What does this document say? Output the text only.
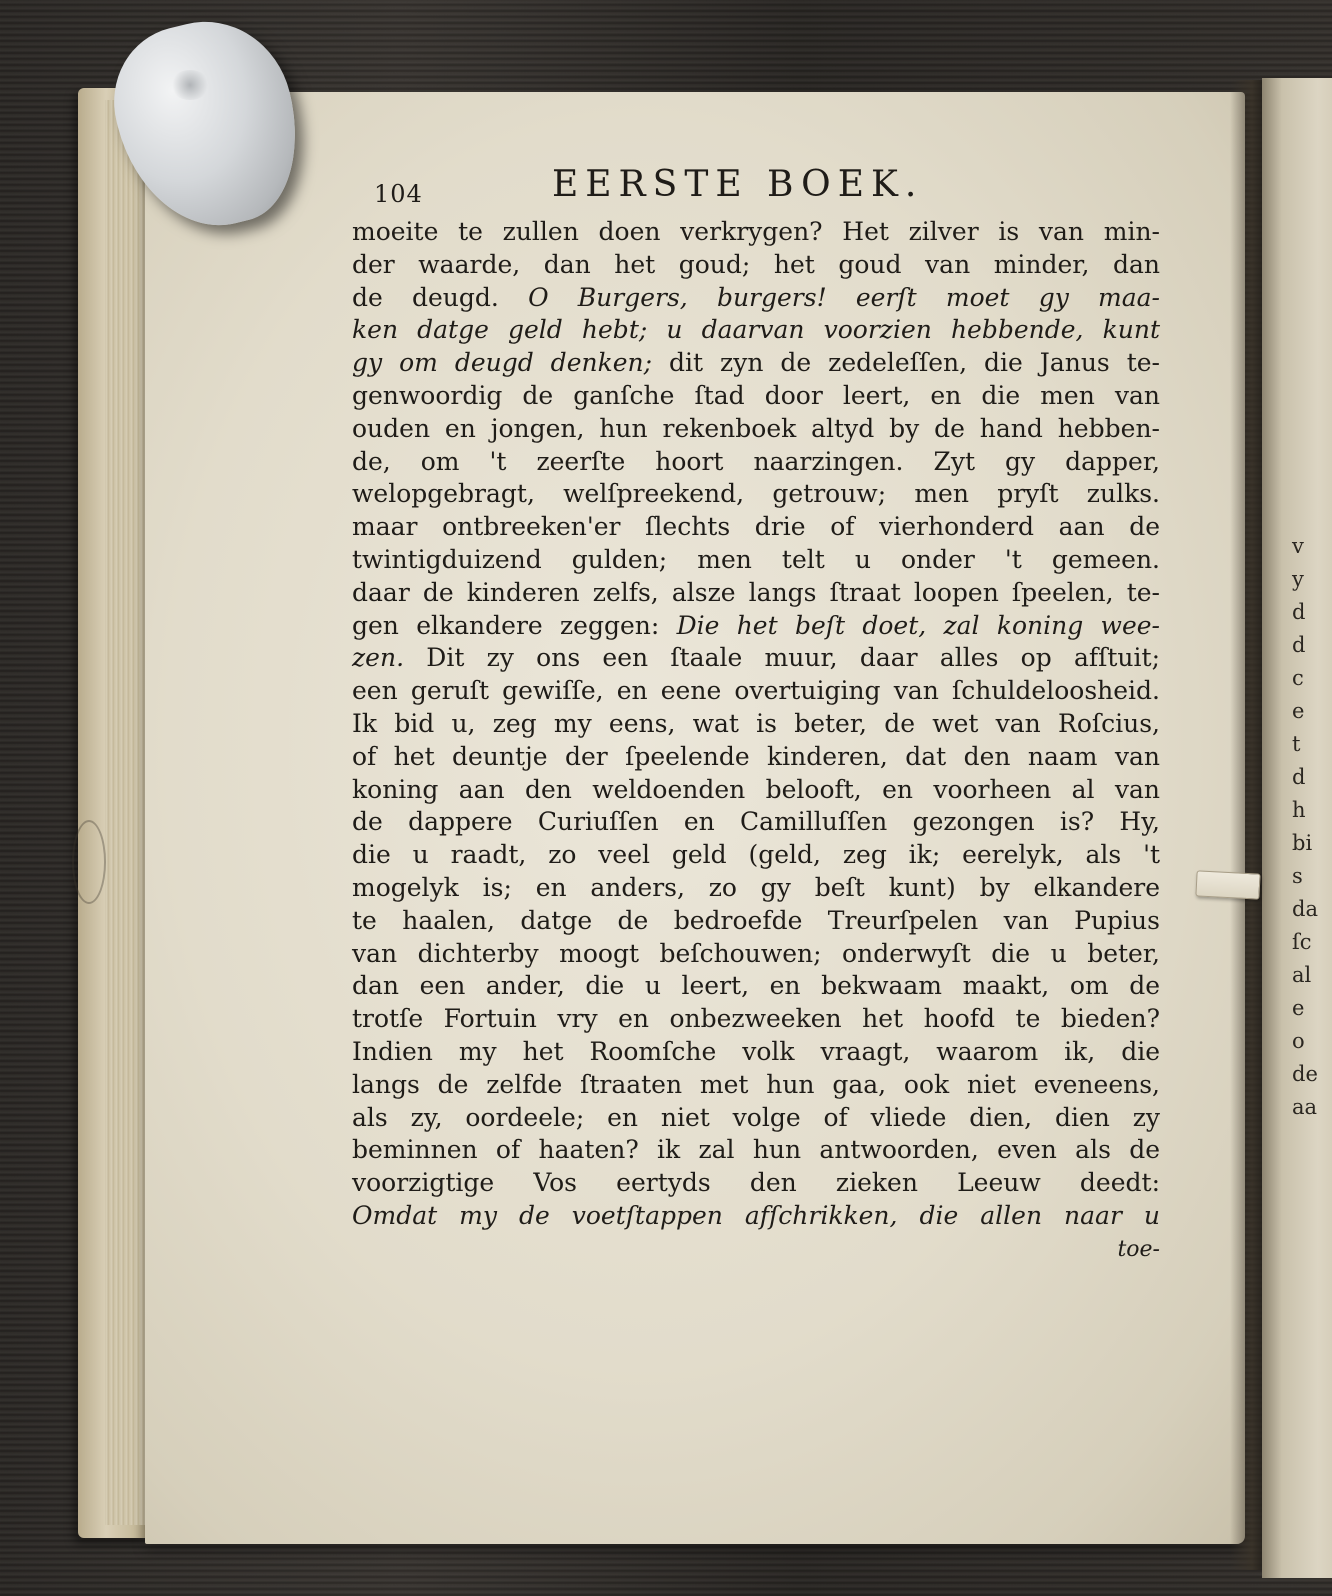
v
y
d
d
c
e
t
d
h
bi
s
da
ſc
al
e
o
de
aa
104	EERSTE BOEK.
moeite te zullen doen verkrygen? Het zilver is van min-
der waarde, dan het goud; het goud van minder, dan
de deugd. O Burgers, burgers! eerſt moet gy maa-
ken datge geld hebt; u daarvan voorzien hebbende, kunt
gy om deugd denken; dit zyn de zedeleſſen, die Janus te-
genwoordig de ganſche ſtad door leert, en die men van
ouden en jongen, hun rekenboek altyd by de hand hebben-
de, om 't zeerſte hoort naarzingen. Zyt gy dapper,
welopgebragt, welſpreekend, getrouw; men pryſt zulks.
maar ontbreeken'er ſlechts drie of vierhonderd aan de
twintigduizend gulden; men telt u onder 't gemeen.
daar de kinderen zelfs, alsze langs ſtraat loopen ſpeelen, te-
gen elkandere zeggen: Die het beſt doet, zal koning wee-
zen. Dit zy ons een ſtaale muur, daar alles op afſtuit;
een geruſt gewiſſe, en eene overtuiging van ſchuldeloosheid.
Ik bid u, zeg my eens, wat is beter, de wet van Roſcius,
of het deuntje der ſpeelende kinderen, dat den naam van
koning aan den weldoenden belooft, en voorheen al van
de dappere Curiuſſen en Camilluſſen gezongen is? Hy,
die u raadt, zo veel geld (geld, zeg ik; eerelyk, als 't
mogelyk is; en anders, zo gy beſt kunt) by elkandere
te haalen, datge de bedroefde Treurſpelen van Pupius
van dichterby moogt beſchouwen; onderwyſt die u beter,
dan een ander, die u leert, en bekwaam maakt, om de
trotſe Fortuin vry en onbezweeken het hoofd te bieden?
Indien my het Roomſche volk vraagt, waarom ik, die
langs de zelfde ſtraaten met hun gaa, ook niet eveneens,
als zy, oordeele; en niet volge of vliede dien, dien zy
beminnen of haaten? ik zal hun antwoorden, even als de
voorzigtige Vos eertyds den zieken Leeuw deedt:
Omdat my de voetſtappen afſchrikken, die allen naar u
toe-
